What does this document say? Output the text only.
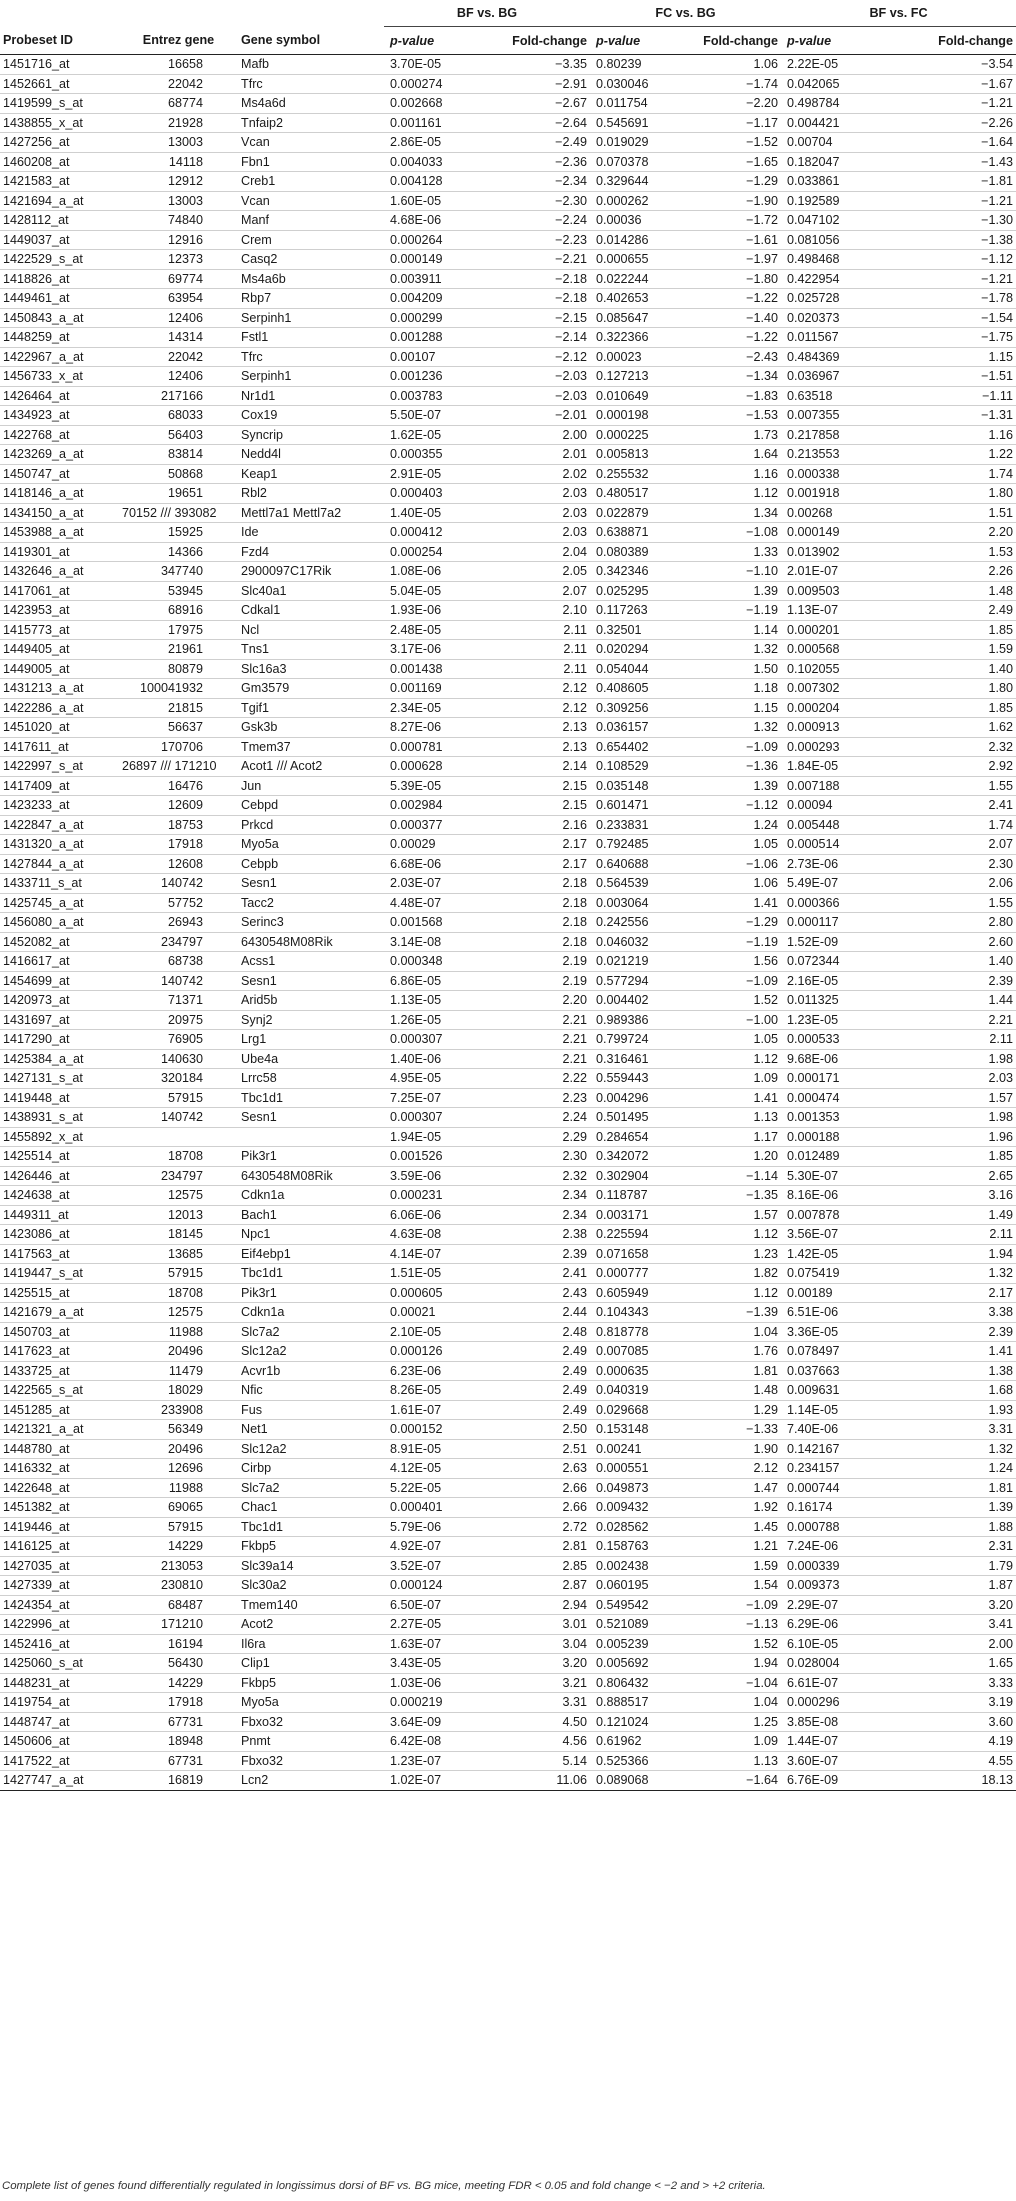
			BF vs. BG		FC vs. BG		BF vs. FC	

Probeset ID	Entrez gene	Gene symbol	p-value	Fold-change	p-value	Fold-change	p-value	Fold-change
1451716_at	16658	Mafb	3.70E-05	−3.35	0.80239	1.06	2.22E-05	−3.54
1452661_at	22042	Tfrc	0.000274	−2.91	0.030046	−1.74	0.042065	−1.67
1419599_s_at	68774	Ms4a6d	0.002668	−2.67	0.011754	−2.20	0.498784	−1.21
1438855_x_at	21928	Tnfaip2	0.001161	−2.64	0.545691	−1.17	0.004421	−2.26
1427256_at	13003	Vcan	2.86E-05	−2.49	0.019029	−1.52	0.00704	−1.64
1460208_at	14118	Fbn1	0.004033	−2.36	0.070378	−1.65	0.182047	−1.43
1421583_at	12912	Creb1	0.004128	−2.34	0.329644	−1.29	0.033861	−1.81
1421694_a_at	13003	Vcan	1.60E-05	−2.30	0.000262	−1.90	0.192589	−1.21
1428112_at	74840	Manf	4.68E-06	−2.24	0.00036	−1.72	0.047102	−1.30
1449037_at	12916	Crem	0.000264	−2.23	0.014286	−1.61	0.081056	−1.38
1422529_s_at	12373	Casq2	0.000149	−2.21	0.000655	−1.97	0.498468	−1.12
1418826_at	69774	Ms4a6b	0.003911	−2.18	0.022244	−1.80	0.422954	−1.21
1449461_at	63954	Rbp7	0.004209	−2.18	0.402653	−1.22	0.025728	−1.78
1450843_a_at	12406	Serpinh1	0.000299	−2.15	0.085647	−1.40	0.020373	−1.54
1448259_at	14314	Fstl1	0.001288	−2.14	0.322366	−1.22	0.011567	−1.75
1422967_a_at	22042	Tfrc	0.00107	−2.12	0.00023	−2.43	0.484369	1.15
1456733_x_at	12406	Serpinh1	0.001236	−2.03	0.127213	−1.34	0.036967	−1.51
1426464_at	217166	Nr1d1	0.003783	−2.03	0.010649	−1.83	0.63518	−1.11
1434923_at	68033	Cox19	5.50E-07	−2.01	0.000198	−1.53	0.007355	−1.31
1422768_at	56403	Syncrip	1.62E-05	2.00	0.000225	1.73	0.217858	1.16
1423269_a_at	83814	Nedd4l	0.000355	2.01	0.005813	1.64	0.213553	1.22
1450747_at	50868	Keap1	2.91E-05	2.02	0.255532	1.16	0.000338	1.74
1418146_a_at	19651	Rbl2	0.000403	2.03	0.480517	1.12	0.001918	1.80
1434150_a_at	70152 /// 393082	Mettl7a1 Mettl7a2	1.40E-05	2.03	0.022879	1.34	0.00268	1.51
1453988_a_at	15925	Ide	0.000412	2.03	0.638871	−1.08	0.000149	2.20
1419301_at	14366	Fzd4	0.000254	2.04	0.080389	1.33	0.013902	1.53
1432646_a_at	347740	2900097C17Rik	1.08E-06	2.05	0.342346	−1.10	2.01E-07	2.26
1417061_at	53945	Slc40a1	5.04E-05	2.07	0.025295	1.39	0.009503	1.48
1423953_at	68916	Cdkal1	1.93E-06	2.10	0.117263	−1.19	1.13E-07	2.49
1415773_at	17975	Ncl	2.48E-05	2.11	0.32501	1.14	0.000201	1.85
1449405_at	21961	Tns1	3.17E-06	2.11	0.020294	1.32	0.000568	1.59
1449005_at	80879	Slc16a3	0.001438	2.11	0.054044	1.50	0.102055	1.40
1431213_a_at	100041932	Gm3579	0.001169	2.12	0.408605	1.18	0.007302	1.80
1422286_a_at	21815	Tgif1	2.34E-05	2.12	0.309256	1.15	0.000204	1.85
1451020_at	56637	Gsk3b	8.27E-06	2.13	0.036157	1.32	0.000913	1.62
1417611_at	170706	Tmem37	0.000781	2.13	0.654402	−1.09	0.000293	2.32
1422997_s_at	26897 /// 171210	Acot1 /// Acot2	0.000628	2.14	0.108529	−1.36	1.84E-05	2.92
1417409_at	16476	Jun	5.39E-05	2.15	0.035148	1.39	0.007188	1.55
1423233_at	12609	Cebpd	0.002984	2.15	0.601471	−1.12	0.00094	2.41
1422847_a_at	18753	Prkcd	0.000377	2.16	0.233831	1.24	0.005448	1.74
1431320_a_at	17918	Myo5a	0.00029	2.17	0.792485	1.05	0.000514	2.07
1427844_a_at	12608	Cebpb	6.68E-06	2.17	0.640688	−1.06	2.73E-06	2.30
1433711_s_at	140742	Sesn1	2.03E-07	2.18	0.564539	1.06	5.49E-07	2.06
1425745_a_at	57752	Tacc2	4.48E-07	2.18	0.003064	1.41	0.000366	1.55
1456080_a_at	26943	Serinc3	0.001568	2.18	0.242556	−1.29	0.000117	2.80
1452082_at	234797	6430548M08Rik	3.14E-08	2.18	0.046032	−1.19	1.52E-09	2.60
1416617_at	68738	Acss1	0.000348	2.19	0.021219	1.56	0.072344	1.40
1454699_at	140742	Sesn1	6.86E-05	2.19	0.577294	−1.09	2.16E-05	2.39
1420973_at	71371	Arid5b	1.13E-05	2.20	0.004402	1.52	0.011325	1.44
1431697_at	20975	Synj2	1.26E-05	2.21	0.989386	−1.00	1.23E-05	2.21
1417290_at	76905	Lrg1	0.000307	2.21	0.799724	1.05	0.000533	2.11
1425384_a_at	140630	Ube4a	1.40E-06	2.21	0.316461	1.12	9.68E-06	1.98
1427131_s_at	320184	Lrrc58	4.95E-05	2.22	0.559443	1.09	0.000171	2.03
1419448_at	57915	Tbc1d1	7.25E-07	2.23	0.004296	1.41	0.000474	1.57
1438931_s_at	140742	Sesn1	0.000307	2.24	0.501495	1.13	0.001353	1.98
1455892_x_at			1.94E-05	2.29	0.284654	1.17	0.000188	1.96
1425514_at	18708	Pik3r1	0.001526	2.30	0.342072	1.20	0.012489	1.85
1426446_at	234797	6430548M08Rik	3.59E-06	2.32	0.302904	−1.14	5.30E-07	2.65
1424638_at	12575	Cdkn1a	0.000231	2.34	0.118787	−1.35	8.16E-06	3.16
1449311_at	12013	Bach1	6.06E-06	2.34	0.003171	1.57	0.007878	1.49
1423086_at	18145	Npc1	4.63E-08	2.38	0.225594	1.12	3.56E-07	2.11
1417563_at	13685	Eif4ebp1	4.14E-07	2.39	0.071658	1.23	1.42E-05	1.94
1419447_s_at	57915	Tbc1d1	1.51E-05	2.41	0.000777	1.82	0.075419	1.32
1425515_at	18708	Pik3r1	0.000605	2.43	0.605949	1.12	0.00189	2.17
1421679_a_at	12575	Cdkn1a	0.00021	2.44	0.104343	−1.39	6.51E-06	3.38
1450703_at	11988	Slc7a2	2.10E-05	2.48	0.818778	1.04	3.36E-05	2.39
1417623_at	20496	Slc12a2	0.000126	2.49	0.007085	1.76	0.078497	1.41
1433725_at	11479	Acvr1b	6.23E-06	2.49	0.000635	1.81	0.037663	1.38
1422565_s_at	18029	Nfic	8.26E-05	2.49	0.040319	1.48	0.009631	1.68
1451285_at	233908	Fus	1.61E-07	2.49	0.029668	1.29	1.14E-05	1.93
1421321_a_at	56349	Net1	0.000152	2.50	0.153148	−1.33	7.40E-06	3.31
1448780_at	20496	Slc12a2	8.91E-05	2.51	0.00241	1.90	0.142167	1.32
1416332_at	12696	Cirbp	4.12E-05	2.63	0.000551	2.12	0.234157	1.24
1422648_at	11988	Slc7a2	5.22E-05	2.66	0.049873	1.47	0.000744	1.81
1451382_at	69065	Chac1	0.000401	2.66	0.009432	1.92	0.16174	1.39
1419446_at	57915	Tbc1d1	5.79E-06	2.72	0.028562	1.45	0.000788	1.88
1416125_at	14229	Fkbp5	4.92E-07	2.81	0.158763	1.21	7.24E-06	2.31
1427035_at	213053	Slc39a14	3.52E-07	2.85	0.002438	1.59	0.000339	1.79
1427339_at	230810	Slc30a2	0.000124	2.87	0.060195	1.54	0.009373	1.87
1424354_at	68487	Tmem140	6.50E-07	2.94	0.549542	−1.09	2.29E-07	3.20
1422996_at	171210	Acot2	2.27E-05	3.01	0.521089	−1.13	6.29E-06	3.41
1452416_at	16194	Il6ra	1.63E-07	3.04	0.005239	1.52	6.10E-05	2.00
1425060_s_at	56430	Clip1	3.43E-05	3.20	0.005692	1.94	0.028004	1.65
1448231_at	14229	Fkbp5	1.03E-06	3.21	0.806432	−1.04	6.61E-07	3.33
1419754_at	17918	Myo5a	0.000219	3.31	0.888517	1.04	0.000296	3.19
1448747_at	67731	Fbxo32	3.64E-09	4.50	0.121024	1.25	3.85E-08	3.60
1450606_at	18948	Pnmt	6.42E-08	4.56	0.61962	1.09	1.44E-07	4.19
1417522_at	67731	Fbxo32	1.23E-07	5.14	0.525366	1.13	3.60E-07	4.55
1427747_a_at	16819	Lcn2	1.02E-07	11.06	0.089068	−1.64	6.76E-09	18.13
Complete list of genes found differentially regulated in longissimus dorsi of BF vs. BG mice, meeting FDR < 0.05 and fold change < −2 and > +2 criteria.
